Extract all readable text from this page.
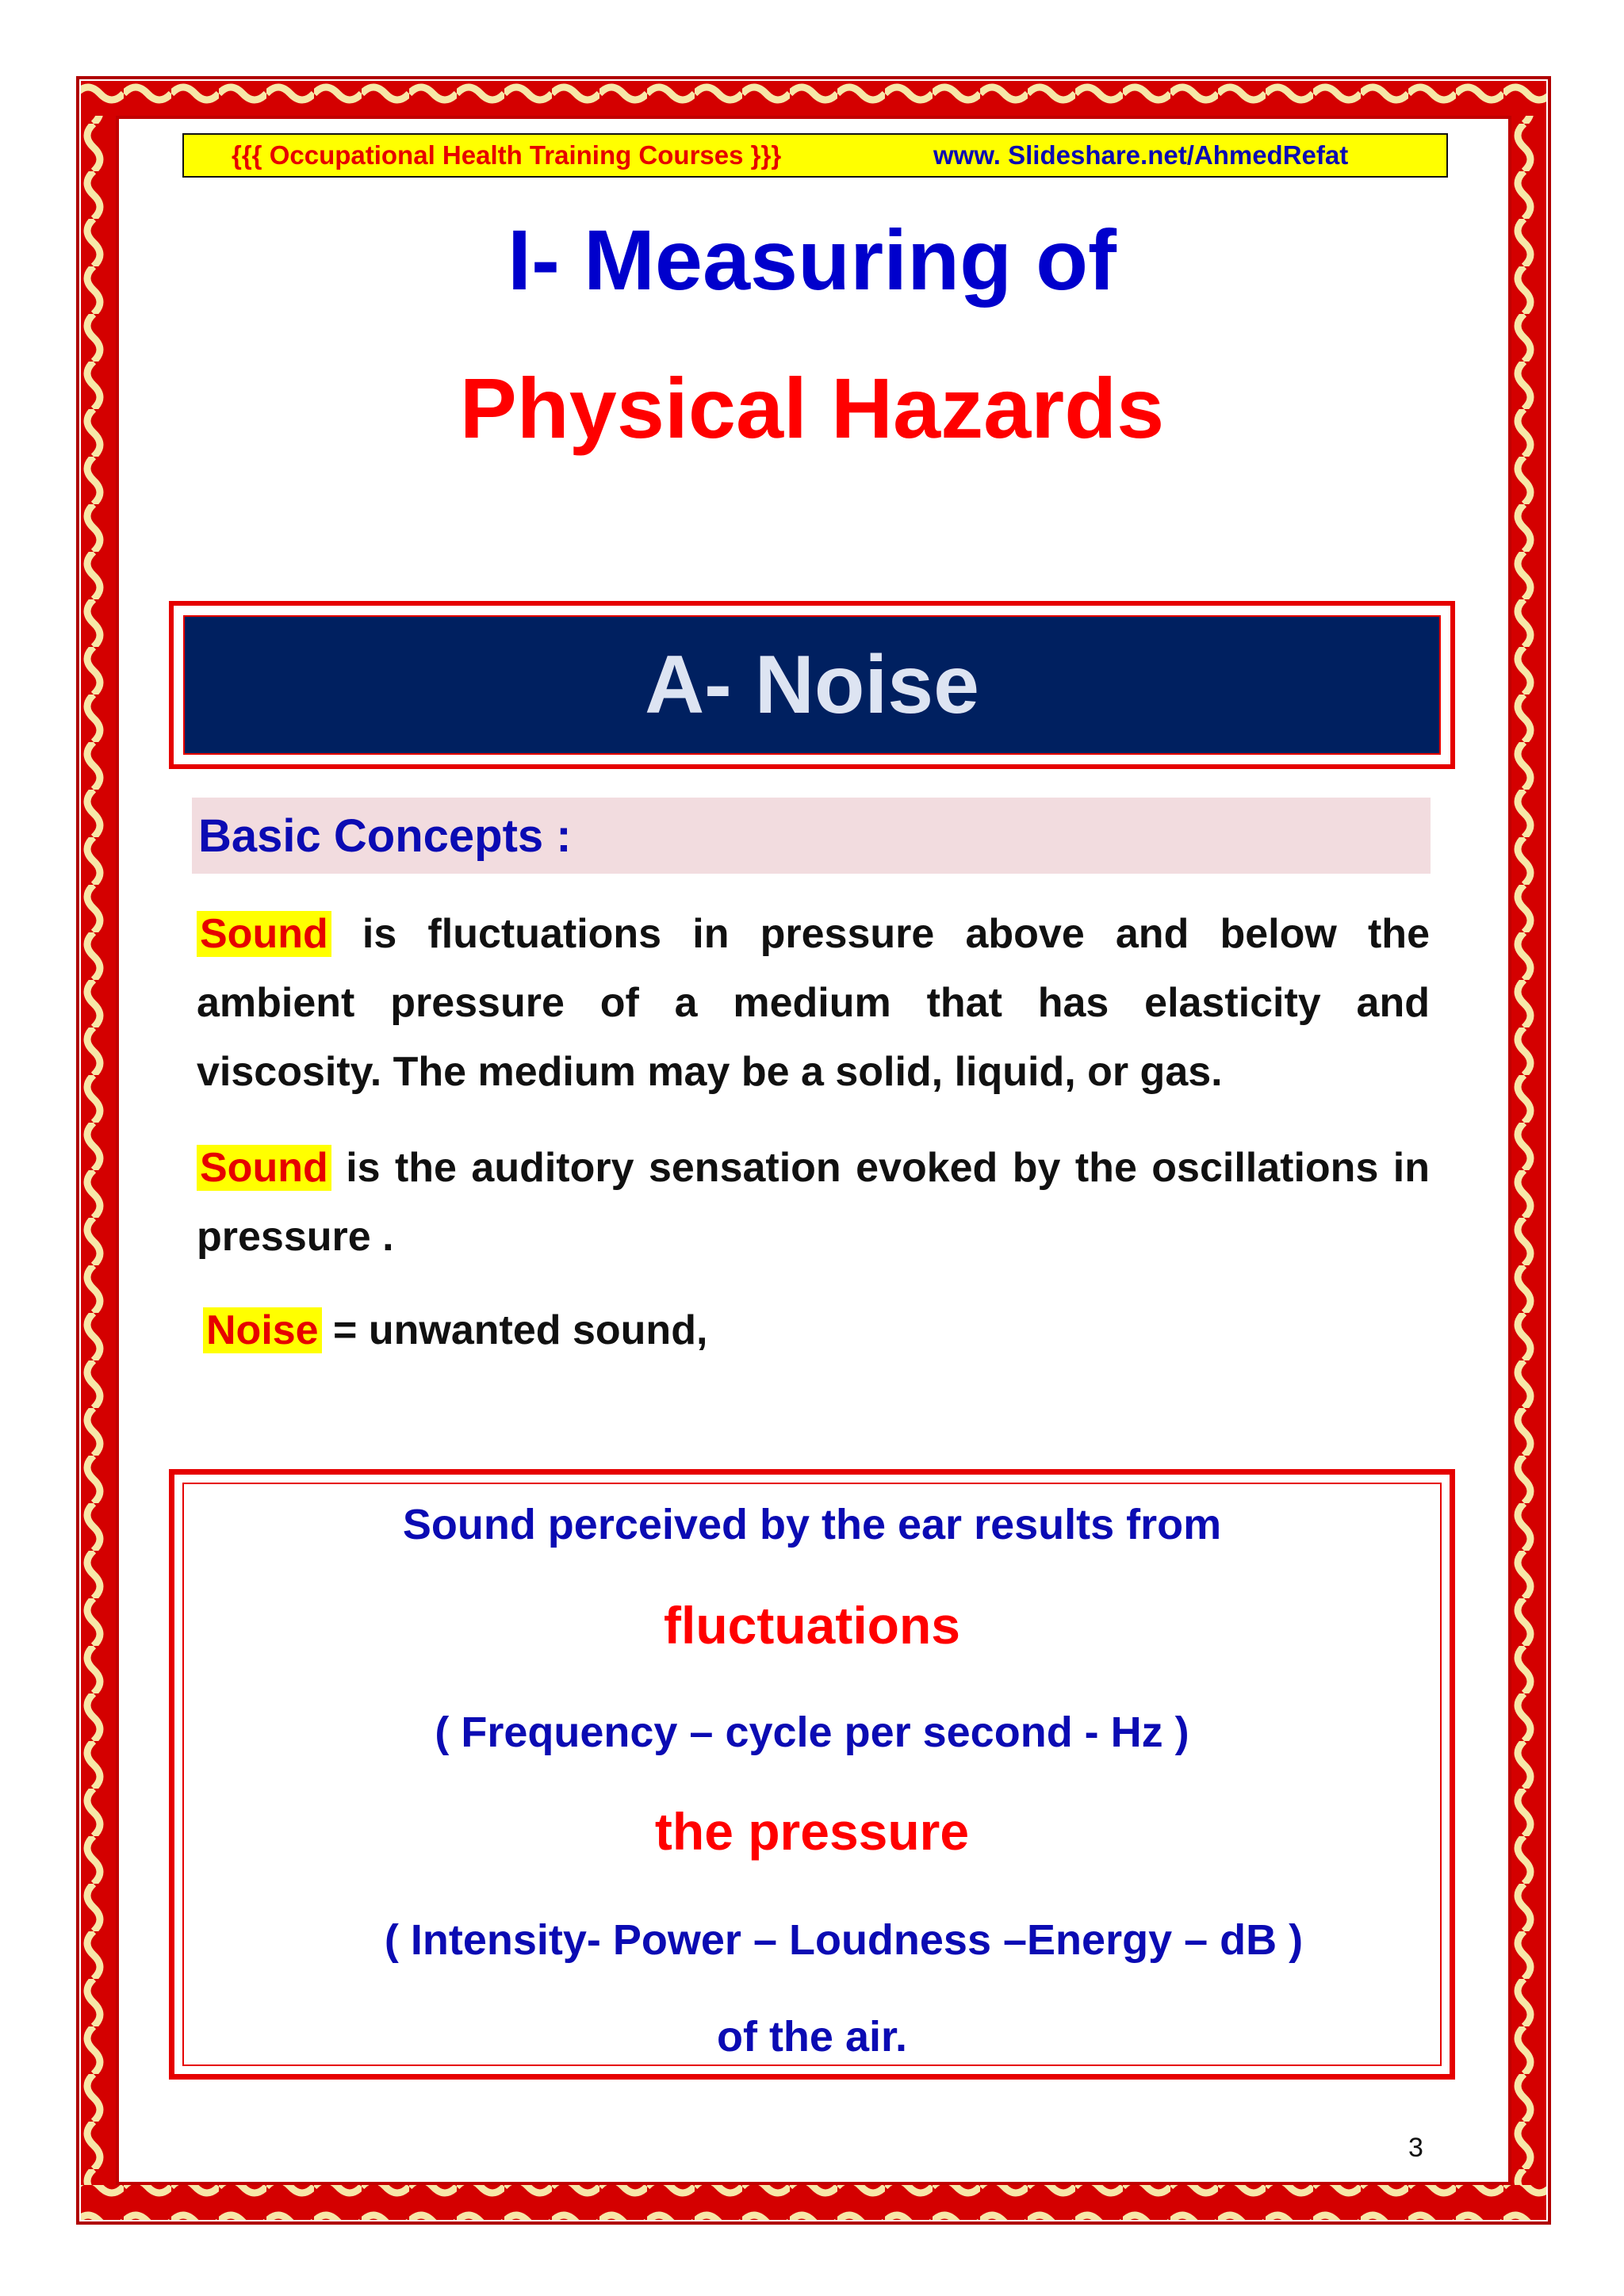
{{{ Occupational Health Training Courses }}}	www. Slideshare.net/AhmedRefat
I- Measuring of
Physical Hazards
A- Noise
Basic Concepts :
Sound is fluctuations in pressure above and below the ambient pressure of a medium that has elasticity and viscosity. The medium may be a solid, liquid, or gas.
Sound is the auditory sensation evoked by the oscillations in pressure .
Noise = unwanted sound,
Sound perceived by the ear results from
fluctuations
( Frequency – cycle per second - Hz )
the pressure
( Intensity- Power – Loudness –Energy – dB )
of the air.
3
